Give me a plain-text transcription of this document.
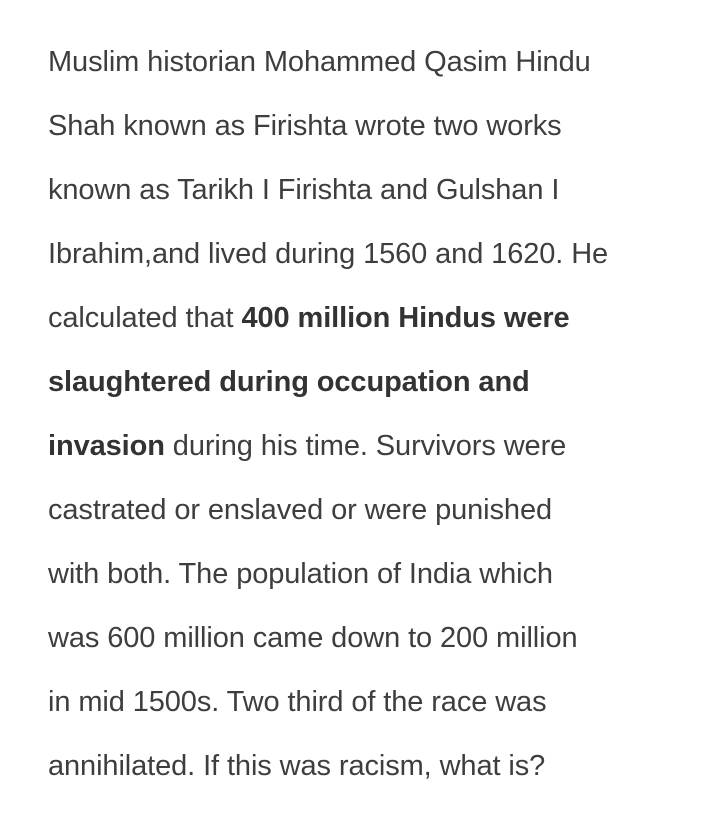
Muslim historian Mohammed Qasim Hindu
Shah known as Firishta wrote two works
known as Tarikh I Firishta and Gulshan I
Ibrahim,and lived during 1560 and 1620. He
calculated that 400 million Hindus were
slaughtered during occupation and
invasion during his time. Survivors were
castrated or enslaved or were punished
with both. The population of India which
was 600 million came down to 200 million
in mid 1500s. Two third of the race was
annihilated. If this was racism, what is?
